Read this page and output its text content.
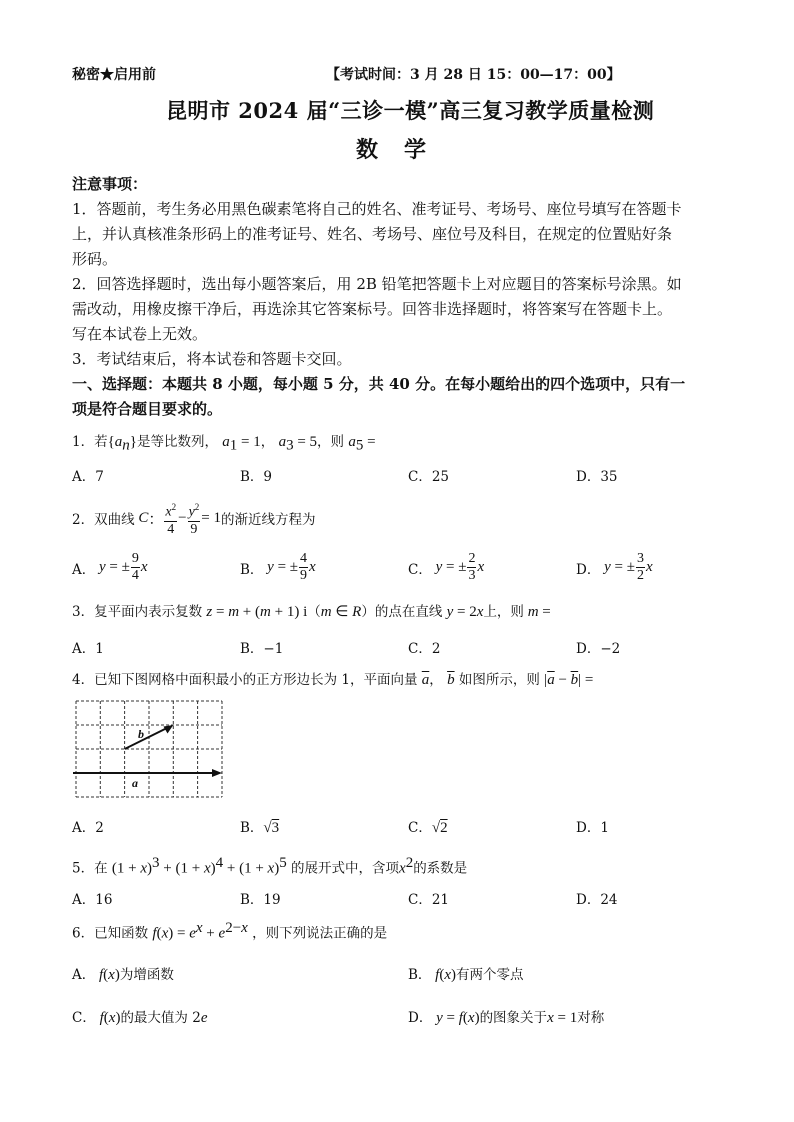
秘密★启用前	【考试时间：3 月 28 日 15：00—17：00】
昆明市 2024 届“三诊一模”高三复习教学质量检测
数学
注意事项：
1．答题前，考生务必用黑色碳素笔将自己的姓名、准考证号、考场号、座位号填写在答题卡
上，并认真核准条形码上的准考证号、姓名、考场号、座位号及科目，在规定的位置贴好条
形码。
2．回答选择题时，选出每小题答案后，用 2B 铅笔把答题卡上对应题目的答案标号涂黑。如
需改动，用橡皮擦干净后，再选涂其它答案标号。回答非选择题时，将答案写在答题卡上。
写在本试卷上无效。
3．考试结束后，将本试卷和答题卡交回。
一、选择题：本题共 8 小题，每小题 5 分，共 40 分。在每小题给出的四个选项中，只有一
项是符合题目要求的。
1．若$\{a_n\}$是等比数列， $a_1 = 1$， $a_3 = 5$，则 $a_5$ =
A．7	B．9	C．25	D．35
2． 双曲线 C ： $\frac{x^2}{4} - \frac{y^2}{9} = 1$ 的渐近线方程为
A． y = ± $\frac{9}{4}$ x	B． y = ± $\frac{4}{9}$ x	C． y = ± $\frac{2}{3}$ x	D． y = ± $\frac{3}{2}$ x
3．复平面内表示复数 z = m + (m + 1) i（m ∈ R）的点在直线 y = 2x上，则 m =
A．1	B．−1	C．2	D．−2
4．已知下图网格中面积最小的正方形边长为 1，平面向量 $\overline{a}$， $\overline{b}$ 如图所示，则 $|\overline{a} - \overline{b}|$ =
a
b
A．2	B．√3	C．√2	D．1
5．在 $(1 + x)^3 + (1 + x)^4 + (1 + x)^5$ 的展开式中，含项$x^2$的系数是
A．16	B．19	C．21	D．24
6．已知函数 $f(x) = e^x + e^{2-x}$ ，则下列说法正确的是
A． f(x)为增函数	B． f(x)有两个零点
C． f(x)的最大值为 2e	D． y = f(x)的图象关于x = 1对称
